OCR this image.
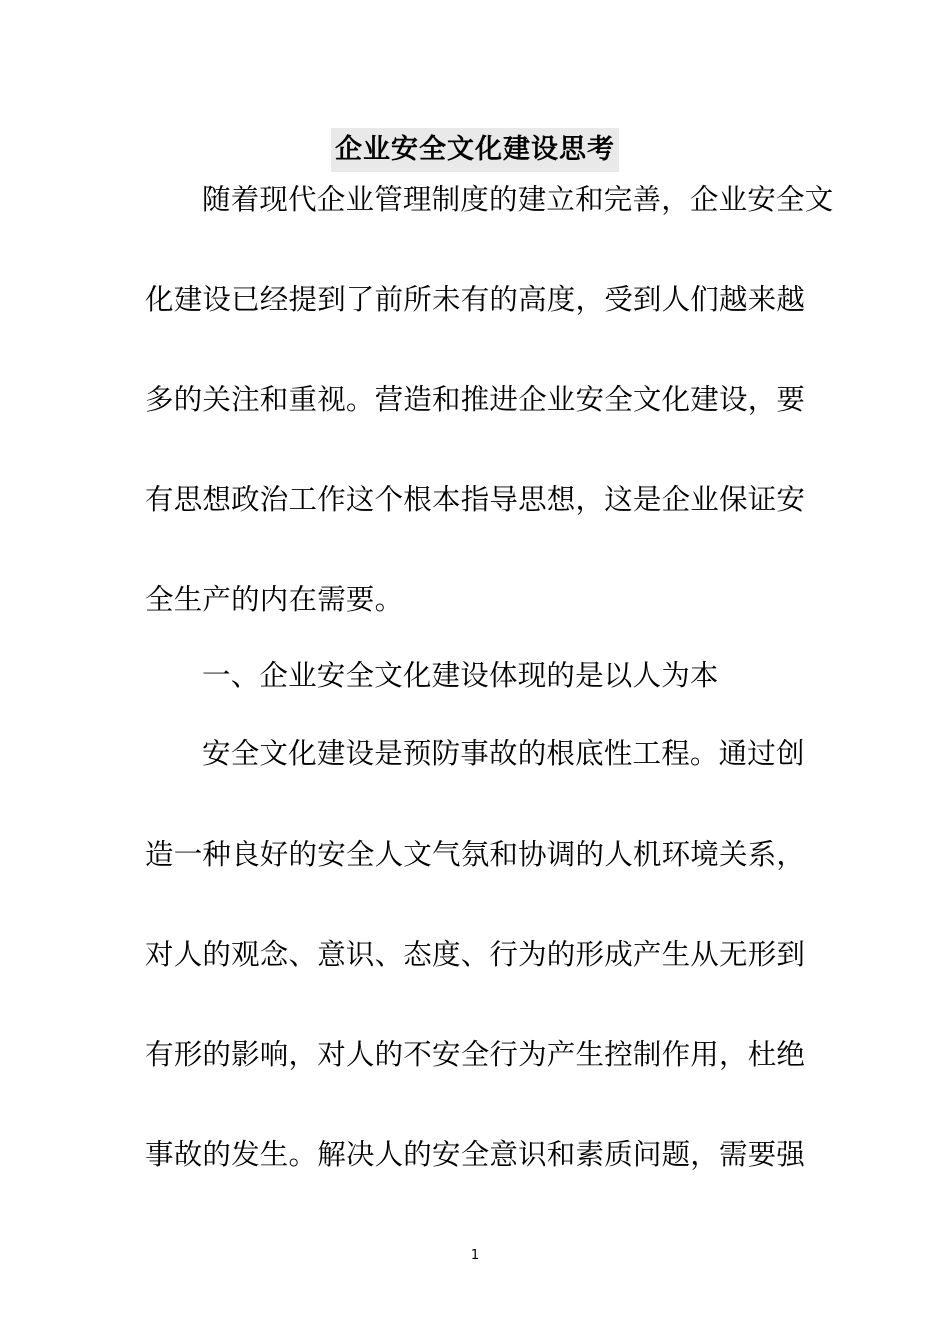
企业安全文化建设思考
随着现代企业管理制度的建立和完善，企业安全文
化建设已经提到了前所未有的高度，受到人们越来越
多的关注和重视。营造和推进企业安全文化建设，要
有思想政治工作这个根本指导思想，这是企业保证安
全生产的内在需要。
一、企业安全文化建设体现的是以人为本
安全文化建设是预防事故的根底性工程。通过创
造一种良好的安全人文气氛和协调的人机环境关系，
对人的观念、意识、态度、行为的形成产生从无形到
有形的影响，对人的不安全行为产生控制作用，杜绝
事故的发生。解决人的安全意识和素质问题，需要强
1
